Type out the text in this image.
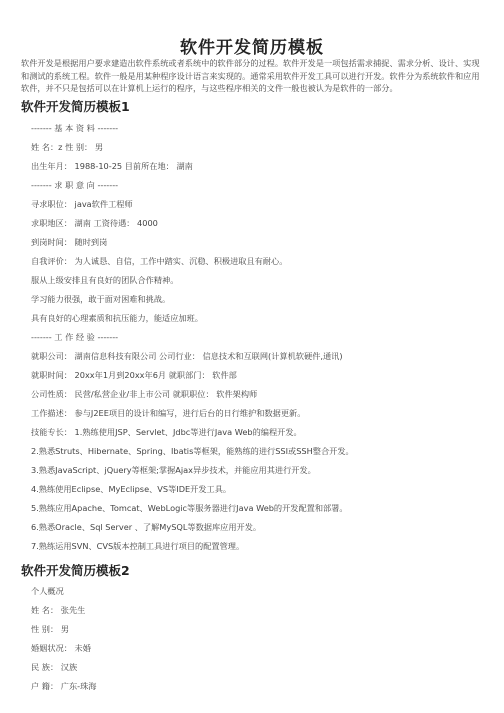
软件开发简历模板

软件开发是根据用户要求建造出软件系统或者系统中的软件部分的过程。软件开发是一项包括需求捕捉、需求分析、设计、实现和测试的系统工程。软件一般是用某种程序设计语言来实现的。通常采用软件开发工具可以进行开发。软件分为系统软件和应用软件，并不只是包括可以在计算机上运行的程序，与这些程序相关的文件一般也被认为是软件的一部分。

软件开发简历模板1

------- 基 本 资 料 -------

姓 名：z 性 别： 男

出生年月： 1988-10-25 目前所在地： 湖南

------- 求 职 意 向 -------

寻求职位： java软件工程师

求职地区： 湖南 工资待遇： 4000

到岗时间： 随时到岗

自我评价： 为人诚恳、自信，工作中踏实、沉稳、积极进取且有耐心。

服从上级安排且有良好的团队合作精神。

学习能力很强，敢于面对困难和挑战。

具有良好的心理素质和抗压能力，能适应加班。

------- 工 作 经 验 -------

就职公司： 湖南信息科技有限公司 公司行业： 信息技术和互联网(计算机软硬件,通讯)

就职时间： 20xx年1月到20xx年6月 就职部门： 软件部

公司性质： 民营/私营企业/非上市公司 就职职位： 软件架构师

工作描述： 参与J2EE项目的设计和编写，进行后台的日行维护和数据更新。

技能专长： 1.熟练使用JSP、Servlet、Jdbc等进行Java Web的编程开发。

2.熟悉Struts、Hibernate、Spring、Ibatis等框架，能熟练的进行SSI或SSH整合开发。

3.熟悉JavaScript、jQuery等框架;掌握Ajax异步技术，并能应用其进行开发。

4.熟练使用Eclipse、MyEclipse、VS等IDE开发工具。

5.熟练应用Apache、Tomcat、WebLogic等服务器进行Java Web的开发配置和部署。

6.熟悉Oracle、Sql Server 、了解MySQL等数据库应用开发。

7.熟练运用SVN、CVS版本控制工具进行项目的配置管理。

软件开发简历模板2

个人概况

姓 名： 张先生

性 别： 男

婚姻状况： 未婚

民 族： 汉族

户 籍： 广东-珠海
